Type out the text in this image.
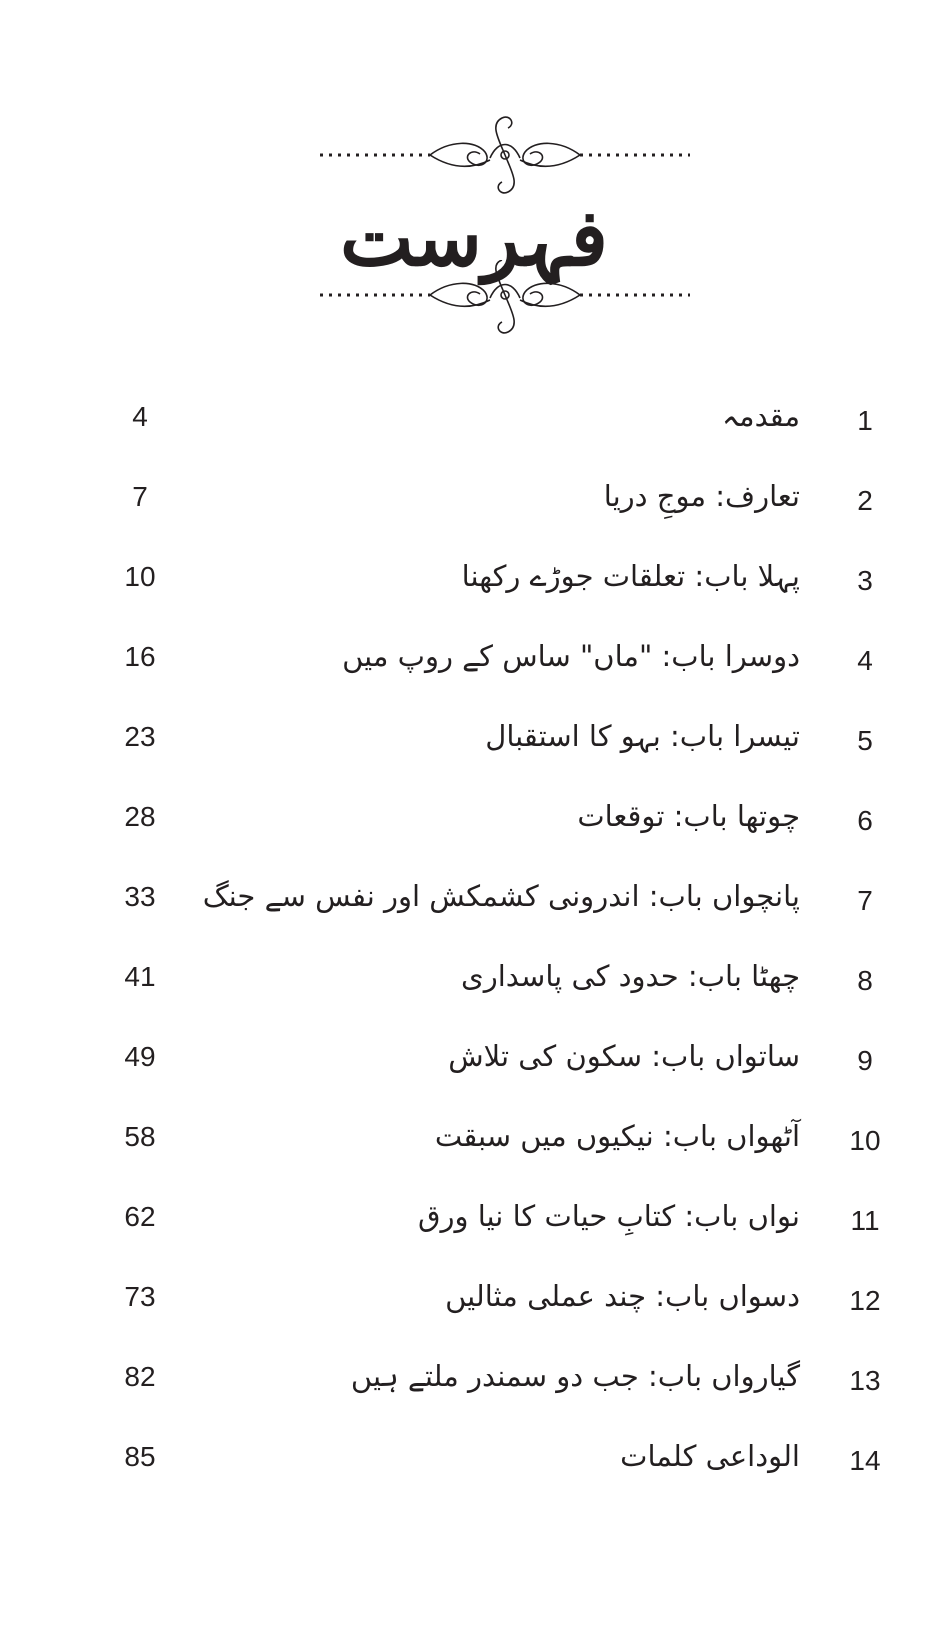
فہرست
1
مقدمہ
4
2
تعارف: موجِ دریا
7
3
پہلا باب: تعلقات جوڑے رکھنا
10
4
دوسرا باب: "ماں" ساس کے روپ میں
16
5
تیسرا باب: بہو کا استقبال
23
6
چوتھا باب: توقعات
28
7
پانچواں باب: اندرونی کشمکش اور نفس سے جنگ
33
8
چھٹا باب: حدود کی پاسداری
41
9
ساتواں باب: سکون کی تلاش
49
10
آٹھواں باب: نیکیوں میں سبقت
58
11
نواں باب: کتابِ حیات کا نیا ورق
62
12
دسواں باب: چند عملی مثالیں
73
13
گیارواں باب: جب دو سمندر ملتے ہیں
82
14
الوداعی کلمات
85
